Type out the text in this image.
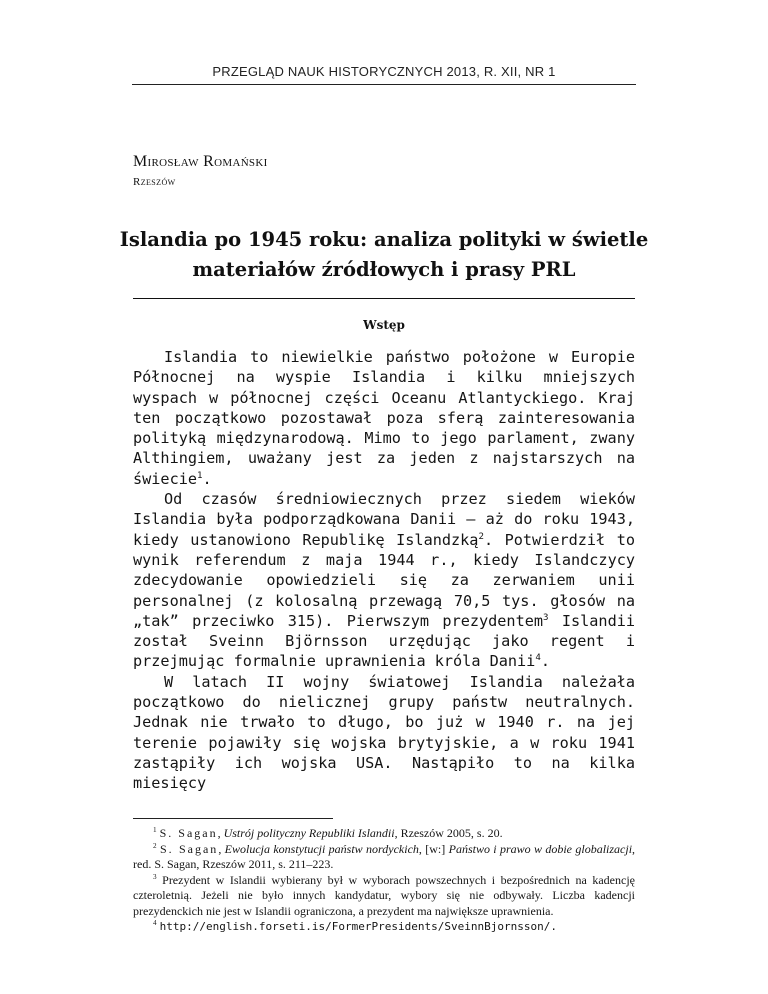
PRZEGLĄD NAUK HISTORYCZNYCH 2013, R. XII, NR 1
Mirosław Romański
Rzeszów
Islandia po 1945 roku: analiza polityki w świetle materiałów źródłowych i prasy PRL
Wstęp

Islandia to niewielkie państwo położone w Europie Północnej na wyspie Islandia i kilku mniejszych wyspach w północnej części Oceanu Atlantyckiego. Kraj ten początkowo pozostawał poza sferą zainteresowania polityką międzynarodową. Mimo to jego parlament, zwany Althingiem, uważany jest za jeden z najstarszych na świecie$^1$.

Od czasów średniowiecznych przez siedem wieków Islandia była podporządkowana Danii – aż do roku 1943, kiedy ustanowiono Republikę Islandzką$^2$. Potwierdził to wynik referendum z maja 1944 r., kiedy Islandczycy zdecydowanie opowiedzieli się za zerwaniem unii personalnej (z kolosalną przewagą 70,5 tys. głosów na „tak” przeciwko 315). Pierwszym prezydentem$^3$ Islandii został Sveinn Björnsson urzędując jako regent i przejmując formalnie uprawnienia króla Danii$^4$.

W latach II wojny światowej Islandia należała początkowo do nielicznej grupy państw neutralnych. Jednak nie trwało to długo, bo już w 1940 r. na jej terenie pojawiły się wojska brytyjskie, a w roku 1941 zastąpiły ich wojska USA. Nastąpiło to na kilka miesięcy

$^1$ S. Sagan, Ustrój polityczny Republiki Islandii, Rzeszów 2005, s. 20.

$^2$ S. Sagan, Ewolucja konstytucji państw nordyckich, [w:] Państwo i prawo w dobie globalizacji, red. S. Sagan, Rzeszów 2011, s. 211–223.

$^3$ Prezydent w Islandii wybierany był w wyborach powszechnych i bezpośrednich na kadencję czteroletnią. Jeżeli nie było innych kandydatur, wybory się nie odbywały. Liczba kadencji prezydenckich nie jest w Islandii ograniczona, a prezydent ma największe uprawnienia.

$^4$ http://english.forseti.is/FormerPresidents/SveinnBjornsson/.
